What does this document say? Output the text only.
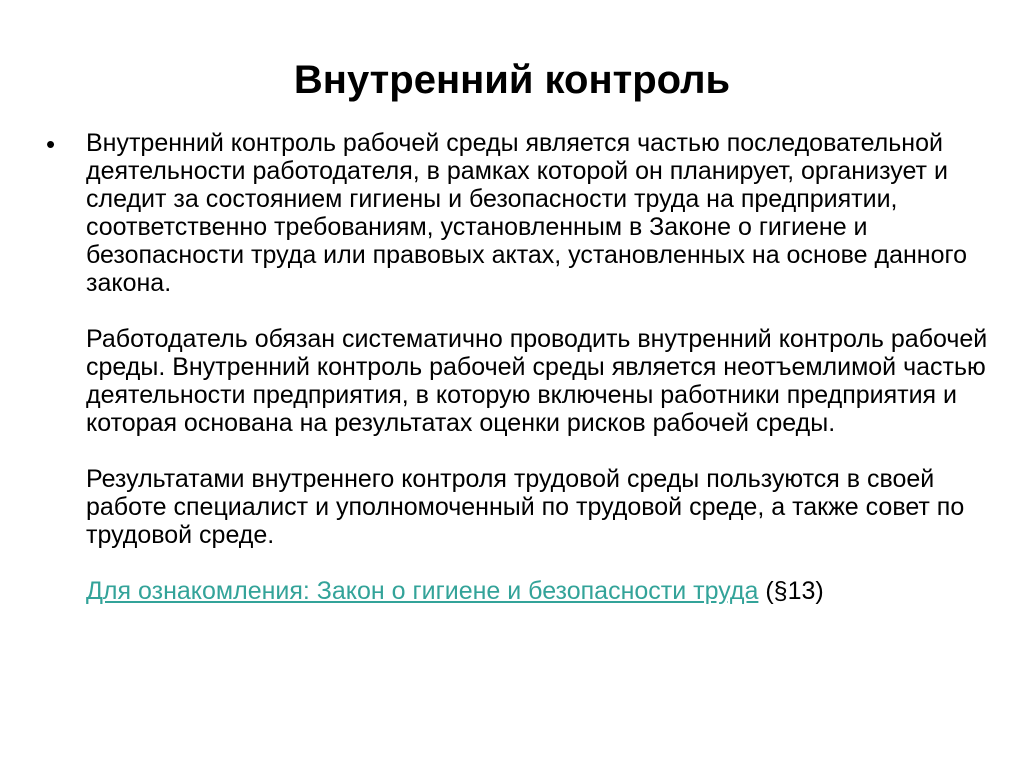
Внутренний контроль
• Внутренний контроль рабочей среды является частью последовательной деятельности работодателя, в рамках которой он планирует, организует и следит за состоянием гигиены и безопасности труда на предприятии, соответственно требованиям, установленным в Законе о гигиене и безопасности труда или правовых актах, установленных на основе данного закона.

Работодатель обязан систематично проводить внутренний контроль рабочей среды. Внутренний контроль рабочей среды является неотъемлимой частью деятельности предприятия, в которую включены работники предприятия и которая основана на результатах оценки рисков рабочей среды.

Результатами внутреннего контроля трудовой среды пользуются в своей работе специалист и уполномоченный по трудовой среде, а также совет по трудовой среде.

Для ознакомления: Закон о гигиене и безопасности труда (§13)
